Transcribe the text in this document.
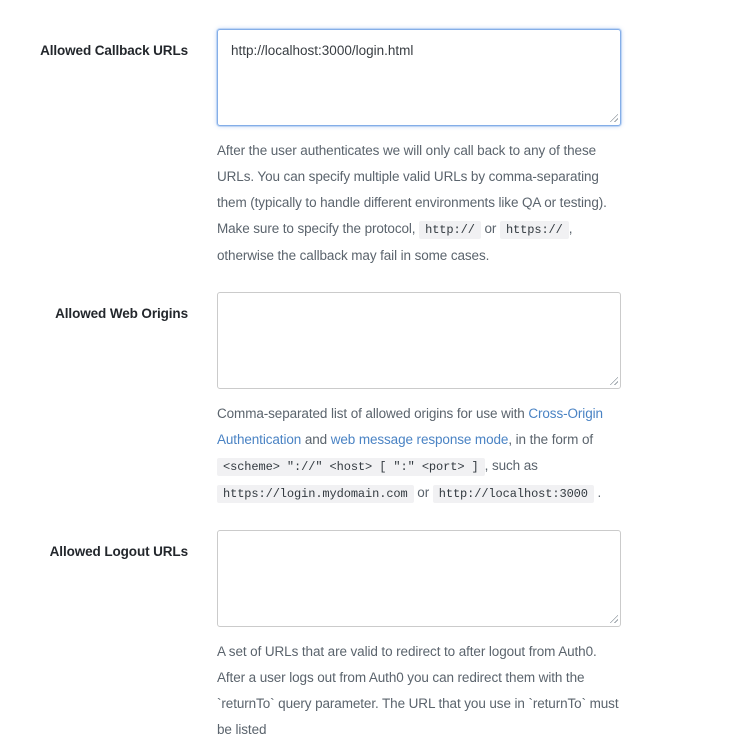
Allowed Callback URLs
http://localhost:3000/login.html

After the user authenticates we will only call back to any of these URLs. You can specify multiple valid URLs by comma-separating them (typically to handle different environments like QA or testing). Make sure to specify the protocol, http:// or https:// , otherwise the callback may fail in some cases.

Allowed Web Origins

Comma-separated list of allowed origins for use with Cross-Origin Authentication and web message response mode, in the form of <scheme> "://" <host> [ ":" <port> ] , such as https://login.mydomain.com or http://localhost:3000 .

Allowed Logout URLs

A set of URLs that are valid to redirect to after logout from Auth0. After a user logs out from Auth0 you can redirect them with the `returnTo` query parameter. The URL that you use in `returnTo` must be listed
